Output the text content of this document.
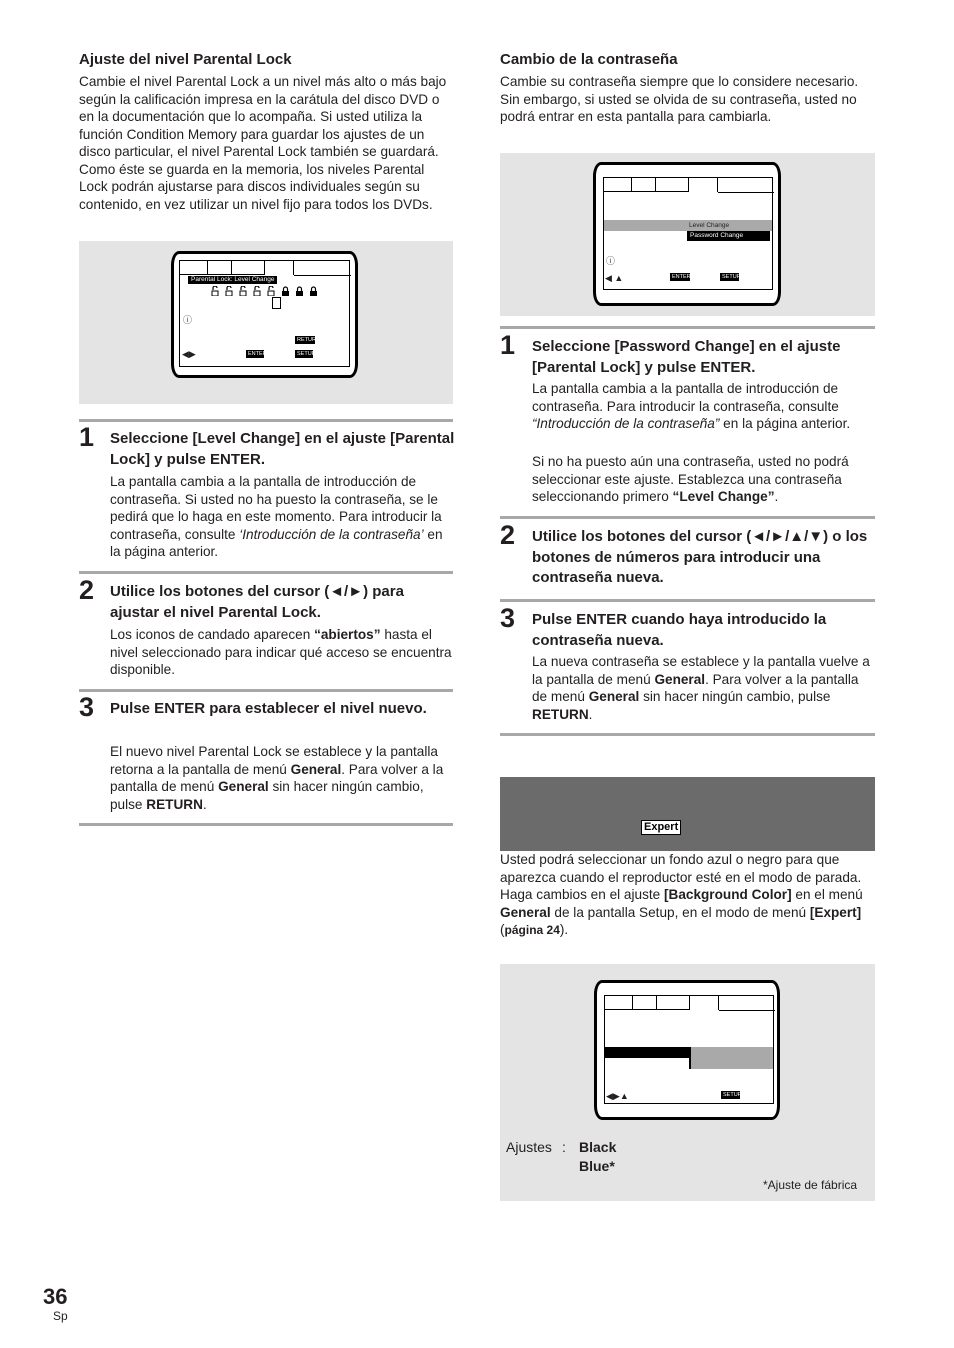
Ajuste del nivel Parental Lock
Cambie el nivel Parental Lock a un nivel más alto o más bajo según la calificación impresa en la carátula del disco DVD o en la documentación que lo acompaña. Si usted utiliza la función Condition Memory para guardar los ajustes de un disco particular, el nivel Parental Lock también se guardará. Como éste se guarda en la memoria, los niveles Parental Lock podrán ajustarse para discos individuales según su contenido, en vez utilizar un nivel fijo para todos los DVDs.
Parental Lock: Level Change
ⓘ
RETURN
◀▶	ENTER	SETUP
1 Seleccione [Level Change] en el ajuste [Parental Lock] y pulse ENTER.
La pantalla cambia a la pantalla de introducción de contraseña. Si usted no ha puesto la contraseña, se le pedirá que lo haga en este momento. Para introducir la contraseña, consulte ‘Introducción de la contraseña’ en la página anterior.
2 Utilice los botones del cursor (◄/►) para ajustar el nivel Parental Lock.
Los iconos de candado aparecen “abiertos” hasta el nivel seleccionado para indicar qué acceso se encuentra disponible.
3 Pulse ENTER para establecer el nivel nuevo.
El nuevo nivel Parental Lock se establece y la pantalla retorna a la pantalla de menú General. Para volver a la pantalla de menú General sin hacer ningún cambio, pulse RETURN.
Cambio de la contraseña
Cambie su contraseña siempre que lo considere necesario. Sin embargo, si usted se olvida de su contraseña, usted no podrá entrar en esta pantalla para cambiarla.
Level Change
Password Change
ⓘ
◀ ▲	ENTER	SETUP
1 Seleccione [Password Change] en el ajuste [Parental Lock] y pulse ENTER.
La pantalla cambia a la pantalla de introducción de contraseña. Para introducir la contraseña, consulte “Introducción de la contraseña” en la página anterior.
Si no ha puesto aún una contraseña, usted no podrá seleccionar este ajuste. Establezca una contraseña seleccionando primero “Level Change”.
2 Utilice los botones del cursor (◄/►/▲/▼) o los botones de números para introducir una contraseña nueva.
3 Pulse ENTER cuando haya introducido la contraseña nueva.
La nueva contraseña se establece y la pantalla vuelve a la pantalla de menú General. Para volver a la pantalla de menú General sin hacer ningún cambio, pulse RETURN.
Expert
Usted podrá seleccionar un fondo azul o negro para que aparezca cuando el reproductor esté en el modo de parada.
Haga cambios en el ajuste [Background Color] en el menú General de la pantalla Setup, en el modo de menú [Expert] (página 24).
◀▶▲	SETUP
Ajustes : Black
Blue*
*Ajuste de fábrica
36
Sp
